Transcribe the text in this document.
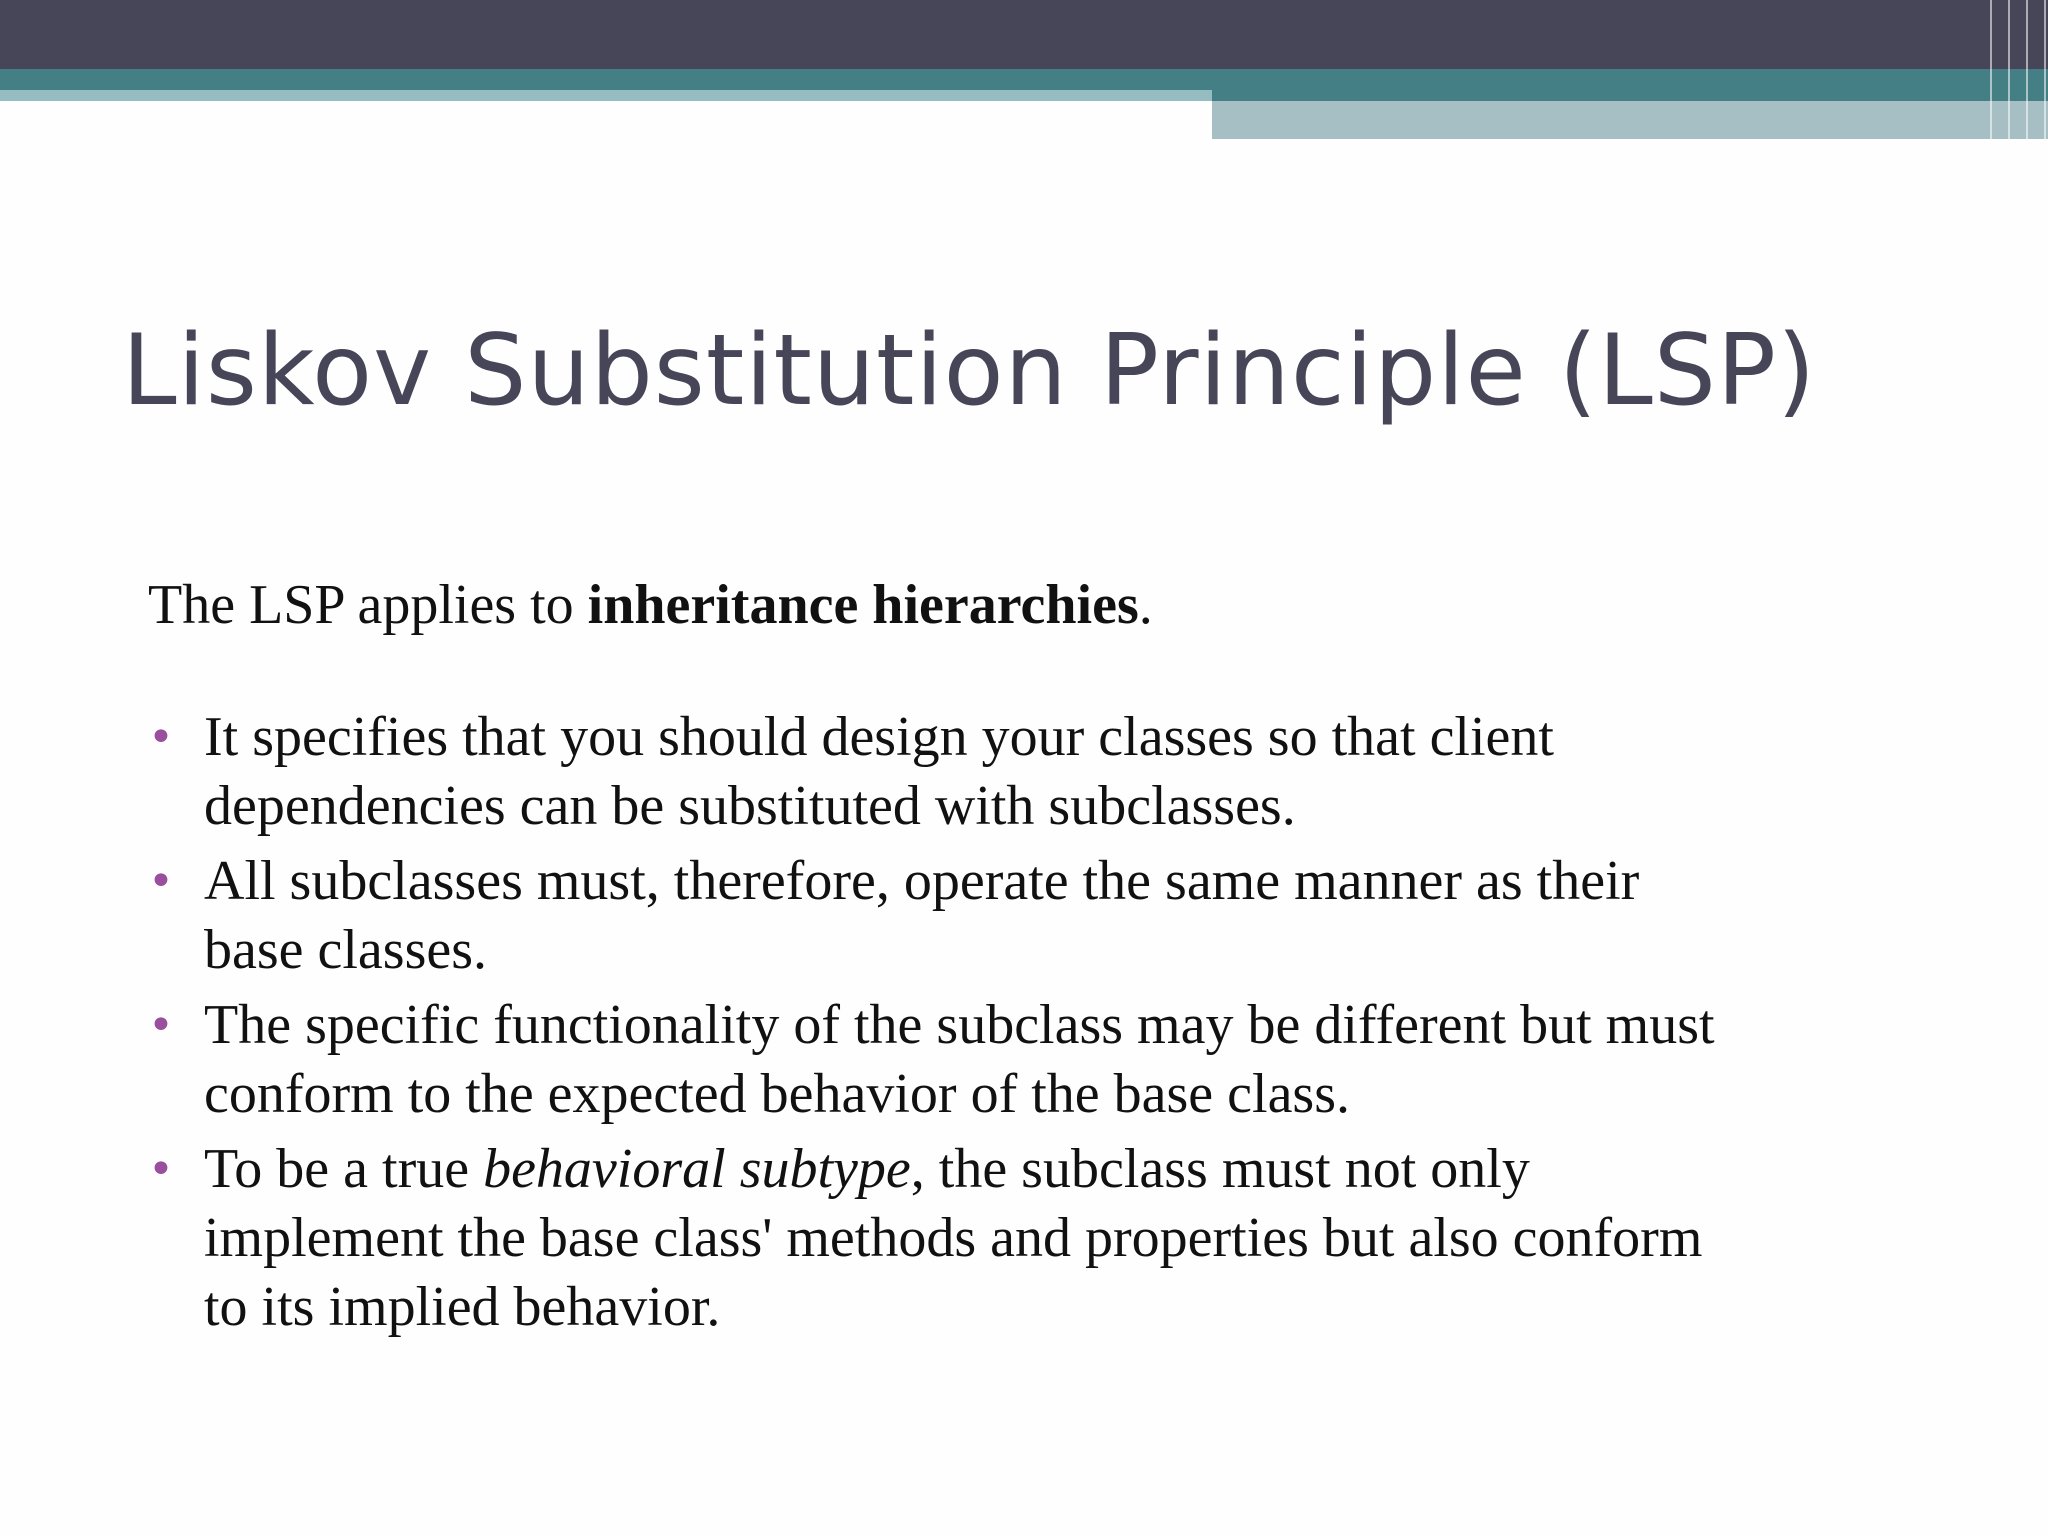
Liskov Substitution Principle (LSP)

The LSP applies to inheritance hierarchies.

• It specifies that you should design your classes so that client
dependencies can be substituted with subclasses.
• All subclasses must, therefore, operate the same manner as their
base classes.
• The specific functionality of the subclass may be different but must
conform to the expected behavior of the base class.
• To be a true behavioral subtype, the subclass must not only
implement the base class' methods and properties but also conform
to its implied behavior.
